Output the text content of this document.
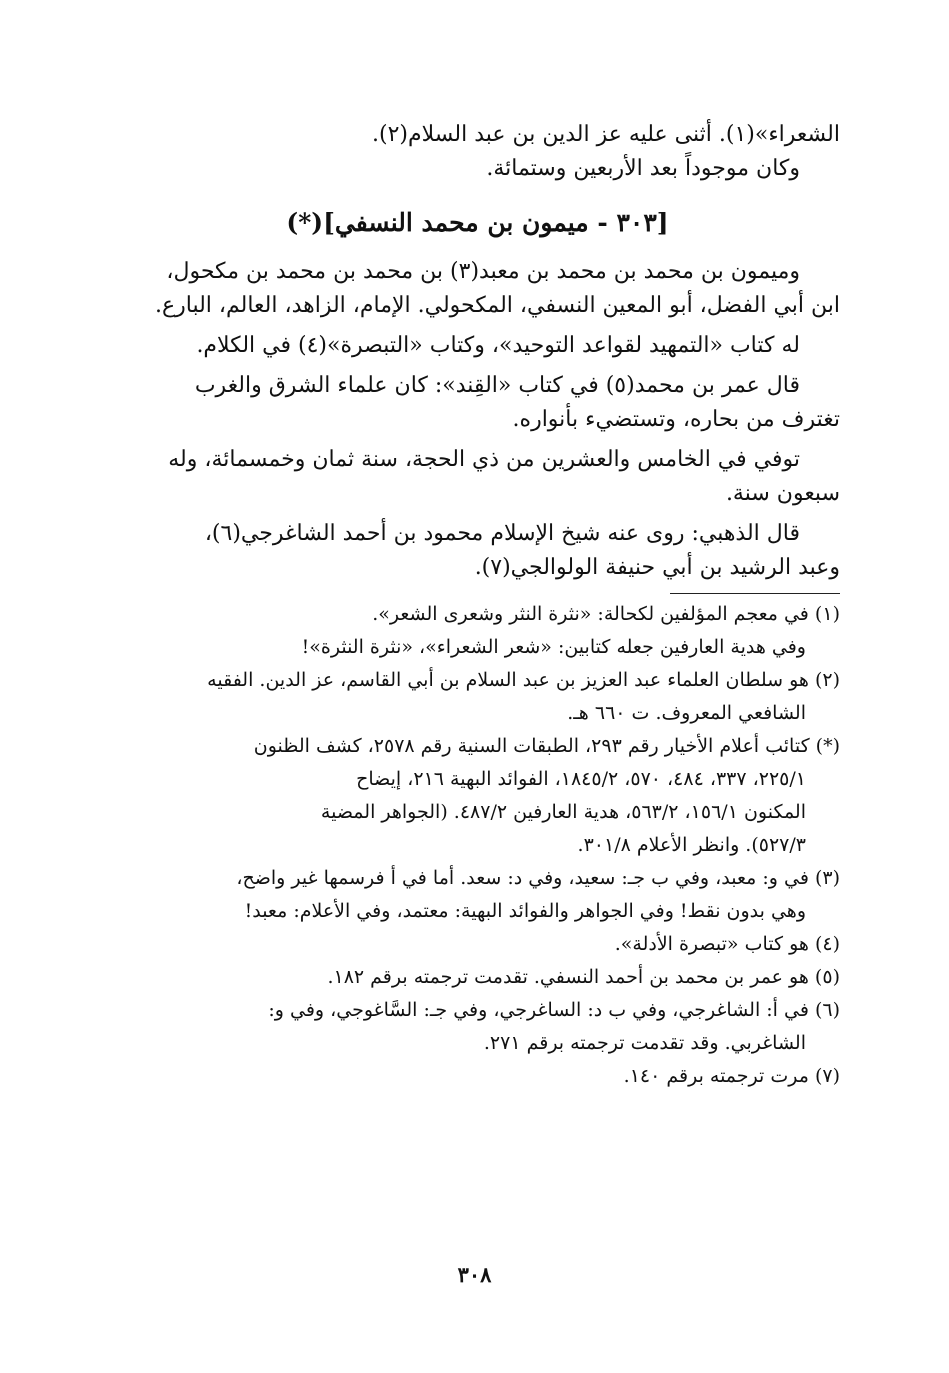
الشعراء»(١). أثنى عليه عز الدين بن عبد السلام(٢).

وكان موجوداً بعد الأربعين وستمائة.

[٣٠٣ - ميمون بن محمد النسفي](*)

وميمون بن محمد بن محمد بن معبد(٣) بن محمد بن محمد بن مكحول،

ابن أبي الفضل، أبو المعين النسفي، المكحولي. الإمام، الزاهد، العالم، البارع.

له كتاب «التمهيد لقواعد التوحيد»، وكتاب «التبصرة»(٤) في الكلام.

قال عمر بن محمد(٥) في كتاب «القِند»: كان علماء الشرق والغرب

تغترف من بحاره، وتستضيء بأنواره.

توفي في الخامس والعشرين من ذي الحجة، سنة ثمان وخمسمائة، وله

سبعون سنة.

قال الذهبي: روى عنه شيخ الإسلام محمود بن أحمد الشاغرجي(٦)،

وعبد الرشيد بن أبي حنيفة الولوالجي(٧).

(١) في معجم المؤلفين لكحالة: «نثرة النثر وشعرى الشعر».

وفي هدية العارفين جعله كتابين: «شعر الشعراء»، «نثرة النثرة»!

(٢) هو سلطان العلماء عبد العزيز بن عبد السلام بن أبي القاسم، عز الدين. الفقيه

الشافعي المعروف. ت ٦٦٠ هـ.

(*) كتائب أعلام الأخيار رقم ٢٩٣، الطبقات السنية رقم ٢٥٧٨، كشف الظنون

٢٢٥/١، ٣٣٧، ٤٨٤، ٥٧٠، ١٨٤٥/٢، الفوائد البهية ٢١٦، إيضاح

المكنون ١٥٦/١، ٥٦٣/٢، هدية العارفين ٤٨٧/٢. (الجواهر المضية

٥٢٧/٣). وانظر الأعلام ٣٠١/٨.

(٣) في و: معبد، وفي ب جـ: سعيد، وفي د: سعد. أما في أ فرسمها غير واضح،

وهي بدون نقط! وفي الجواهر والفوائد البهية: معتمد، وفي الأعلام: معبد!

(٤) هو كتاب «تبصرة الأدلة».

(٥) هو عمر بن محمد بن أحمد النسفي. تقدمت ترجمته برقم ١٨٢.

(٦) في أ: الشاغرجي، وفي ب د: الساغرجي، وفي جـ: السَّاغوجي، وفي و:

الشاغربي. وقد تقدمت ترجمته برقم ٢٧١.

(٧) مرت ترجمته برقم ١٤٠.

٣٠٨
